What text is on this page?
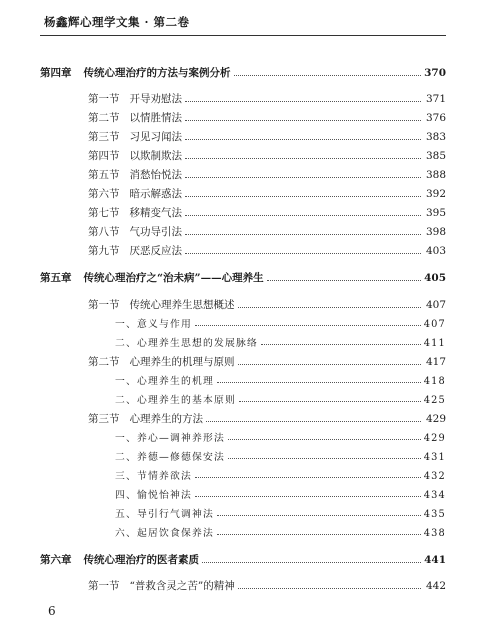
杨鑫辉心理学文集 · 第二卷
第四章 传统心理治疗的方法与案例分析	370
第一节 开导劝慰法	371
第二节 以情胜情法	376
第三节 习见习闻法	383
第四节 以欺制欺法	385
第五节 消愁怡悦法	388
第六节 暗示解惑法	392
第七节 移精变气法	395
第八节 气功导引法	398
第九节 厌恶反应法	403
第五章 传统心理治疗之“治未病”——心理养生	405
第一节 传统心理养生思想概述	407
一、意义与作用	407
二、心理养生思想的发展脉络	411
第二节 心理养生的机理与原则	417
一、心理养生的机理	418
二、心理养生的基本原则	425
第三节 心理养生的方法	429
一、养心—调神养形法	429
二、养德—修德保安法	431
三、节情养欲法	432
四、愉悦怡神法	434
五、导引行气调神法	435
六、起居饮食保养法	438
第六章 传统心理治疗的医者素质	441
第一节 “普救含灵之苦”的精神	442
6
